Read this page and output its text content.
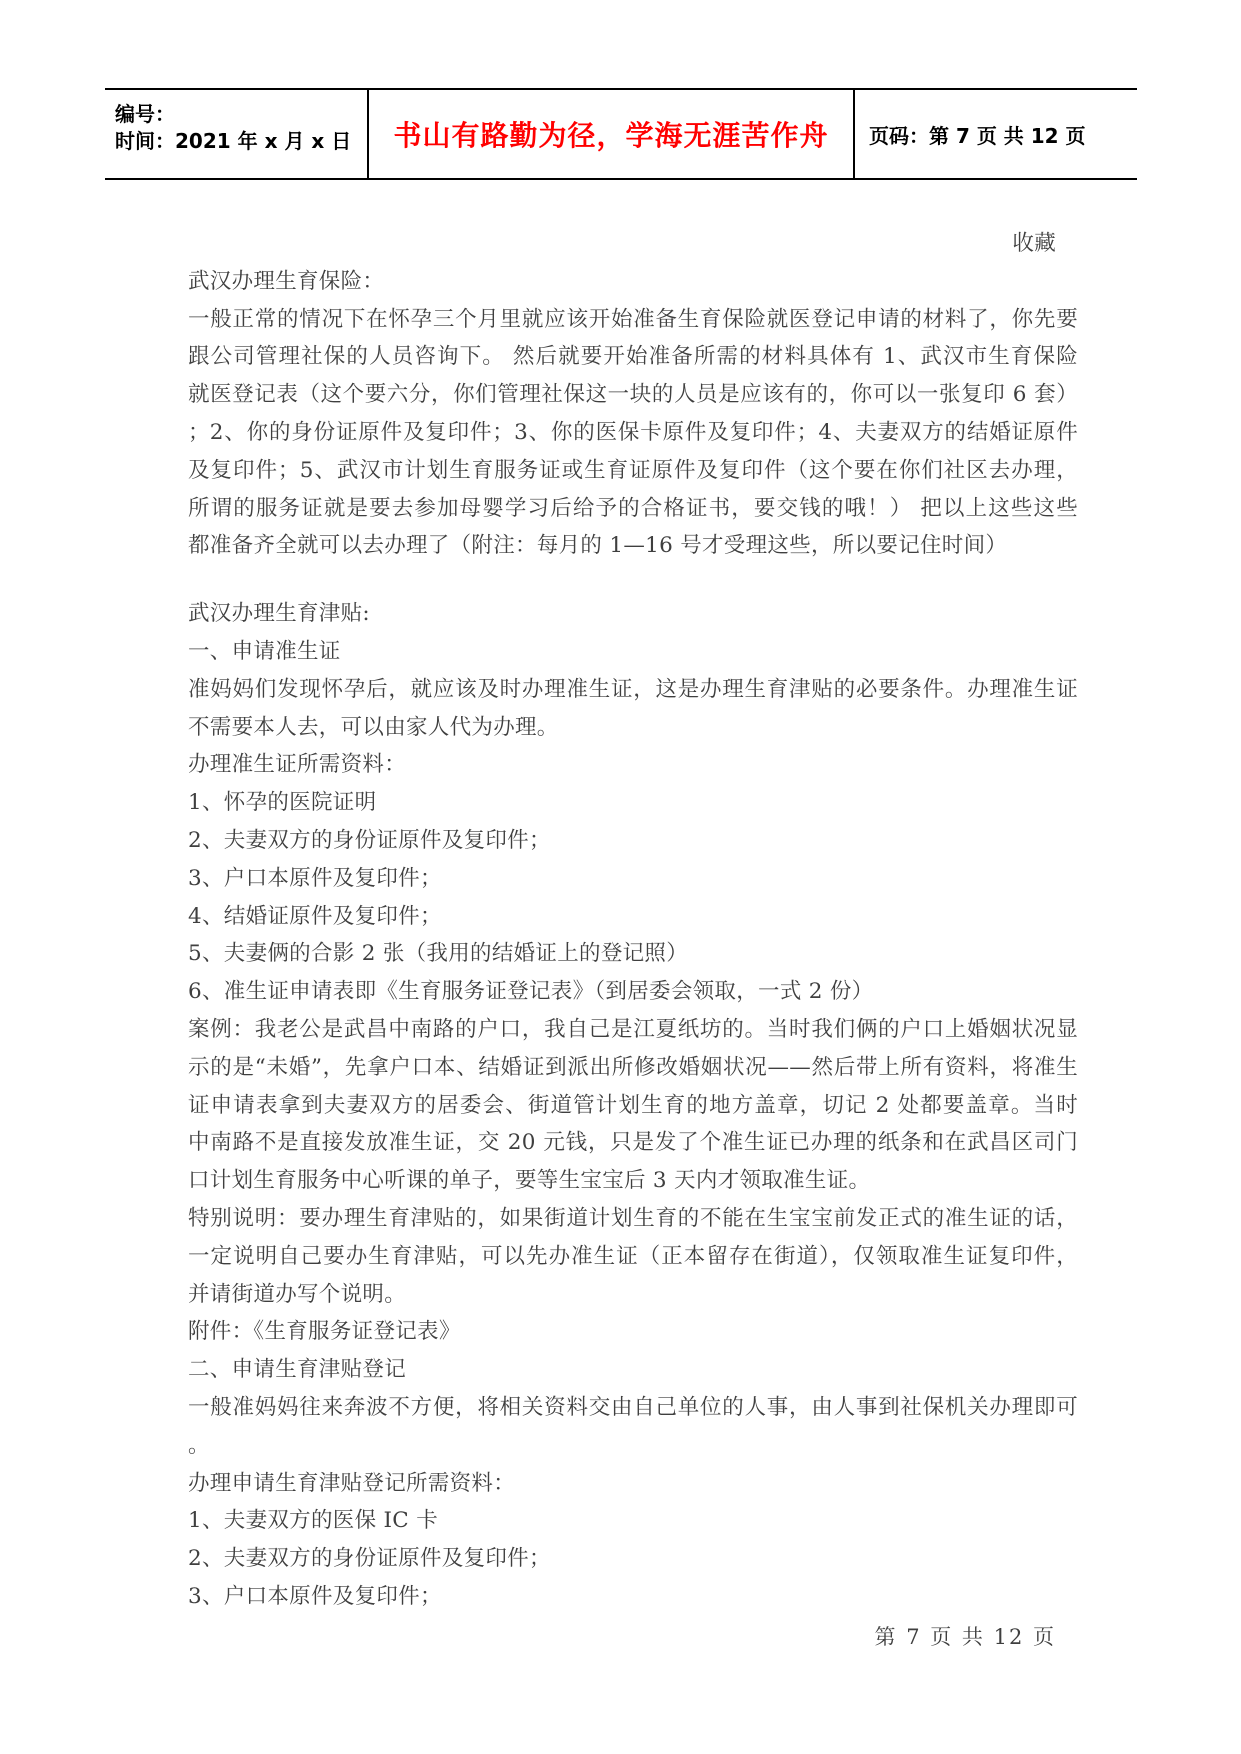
编号：
时间：2021 年 x 月 x 日	书山有路勤为径，学海无涯苦作舟 页码：第 7 页 共 12 页
收藏
武汉办理生育保险：
一般正常的情况下在怀孕三个月里就应该开始准备生育保险就医登记申请的材料了，你先要
跟公司管理社保的人员咨询下。 然后就要开始准备所需的材料具体有 1、武汉市生育保险
就医登记表（这个要六分，你们管理社保这一块的人员是应该有的，你可以一张复印 6 套）
；2、你的身份证原件及复印件；3、你的医保卡原件及复印件；4、夫妻双方的结婚证原件
及复印件；5、武汉市计划生育服务证或生育证原件及复印件（这个要在你们社区去办理，
所谓的服务证就是要去参加母婴学习后给予的合格证书，要交钱的哦！） 把以上这些这些
都准备齐全就可以去办理了（附注：每月的 1—16 号才受理这些，所以要记住时间）
武汉办理生育津贴:
一、申请准生证
准妈妈们发现怀孕后，就应该及时办理准生证，这是办理生育津贴的必要条件。办理准生证
不需要本人去，可以由家人代为办理。
办理准生证所需资料：
1、怀孕的医院证明
2、夫妻双方的身份证原件及复印件；
3、户口本原件及复印件；
4、结婚证原件及复印件；
5、夫妻俩的合影 2 张（我用的结婚证上的登记照）
6、准生证申请表即《生育服务证登记表》（到居委会领取，一式 2 份）
案例：我老公是武昌中南路的户口，我自己是江夏纸坊的。当时我们俩的户口上婚姻状况显
示的是“未婚”，先拿户口本、结婚证到派出所修改婚姻状况——然后带上所有资料，将准生
证申请表拿到夫妻双方的居委会、街道管计划生育的地方盖章，切记 2 处都要盖章。当时
中南路不是直接发放准生证，交 20 元钱，只是发了个准生证已办理的纸条和在武昌区司门
口计划生育服务中心听课的单子，要等生宝宝后 3 天内才领取准生证。
特别说明：要办理生育津贴的，如果街道计划生育的不能在生宝宝前发正式的准生证的话，
一定说明自己要办生育津贴，可以先办准生证（正本留存在街道），仅领取准生证复印件，
并请街道办写个说明。
附件：《生育服务证登记表》
二、申请生育津贴登记
一般准妈妈往来奔波不方便，将相关资料交由自己单位的人事，由人事到社保机关办理即可
。
办理申请生育津贴登记所需资料：
1、夫妻双方的医保 IC 卡
2、夫妻双方的身份证原件及复印件；
3、户口本原件及复印件；
第 7 页 共 12 页
